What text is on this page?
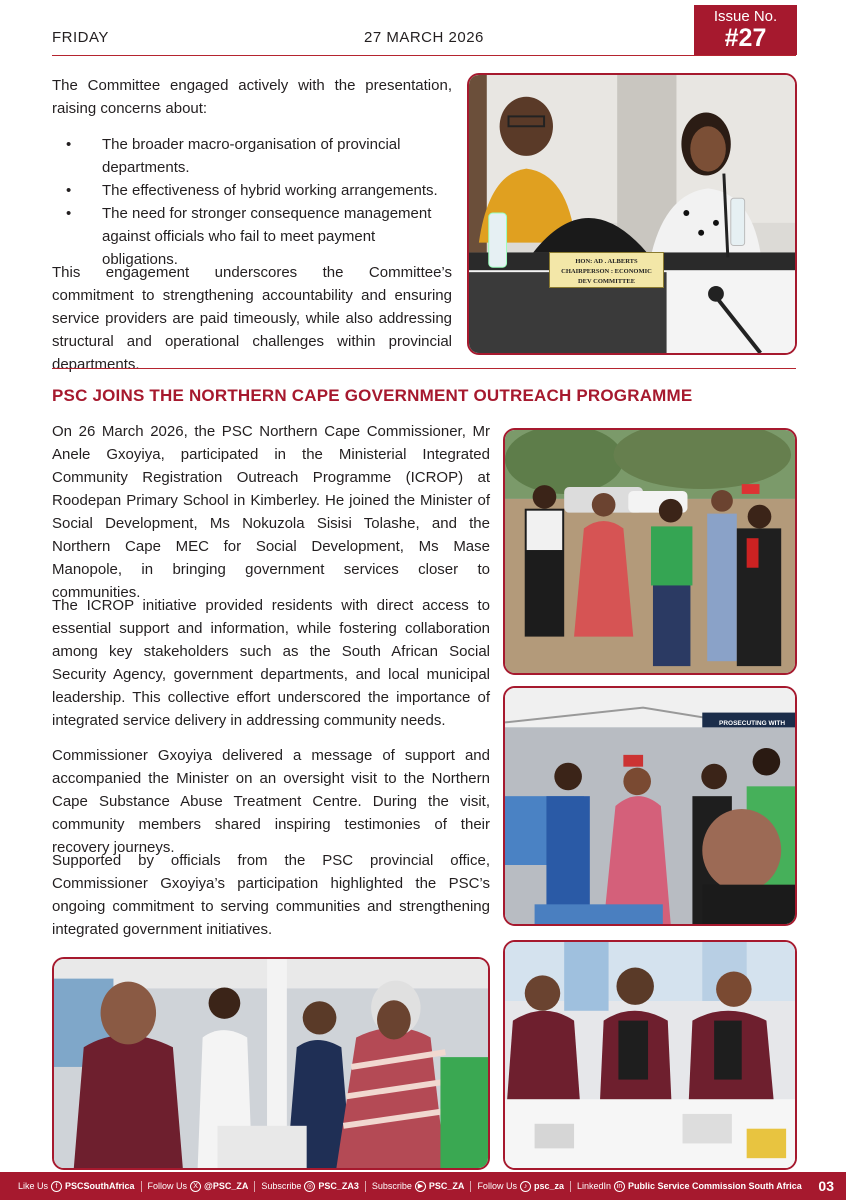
FRIDAY	27 MARCH 2026
Issue No.
#27

The Committee engaged actively with the presentation, raising concerns about:

• The broader macro-organisation of provincial departments.
• The effectiveness of hybrid working arrangements.
• The need for stronger consequence management against officials who fail to meet payment obligations.

This engagement underscores the Committee’s commitment to strengthening accountability and ensuring service providers are paid timeously, while also addressing structural and operational challenges within provincial departments.

HON: AD . ALBERTS
CHAIRPERSON : ECONOMIC
DEV COMMITTEE
PSC JOINS THE NORTHERN CAPE GOVERNMENT OUTREACH PROGRAMME

On 26 March 2026, the PSC Northern Cape Commissioner, Mr Anele Gxoyiya, participated in the Ministerial Integrated Community Registration Outreach Programme (ICROP) at Roodepan Primary School in Kimberley. He joined the Minister of Social Development, Ms Nokuzola Sisisi Tolashe, and the Northern Cape MEC for Social Development, Ms Mase Manopole, in bringing government services closer to communities.

The ICROP initiative provided residents with direct access to essential support and information, while fostering collaboration among key stakeholders such as the South African Social Security Agency, government departments, and local municipal leadership. This collective effort underscored the importance of integrated service delivery in addressing community needs.

Commissioner Gxoyiya delivered a message of support and accompanied the Minister on an oversight visit to the Northern Cape Substance Abuse Treatment Centre. During the visit, community members shared inspiring testimonies of their recovery journeys.

Supported by officials from the PSC provincial office, Commissioner Gxoyiya’s participation highlighted the PSC’s ongoing commitment to serving communities and strengthening integrated government initiatives.

PROSECUTING WITH
Like Us	f PSCSouthAfrica Follow Us X @PSC_ZA Subscribe ◎ PSC_ZA3 Subscribe ▶ PSC_ZA Follow Us ♪ psc_za LinkedIn in Public Service Commission South Africa 03
